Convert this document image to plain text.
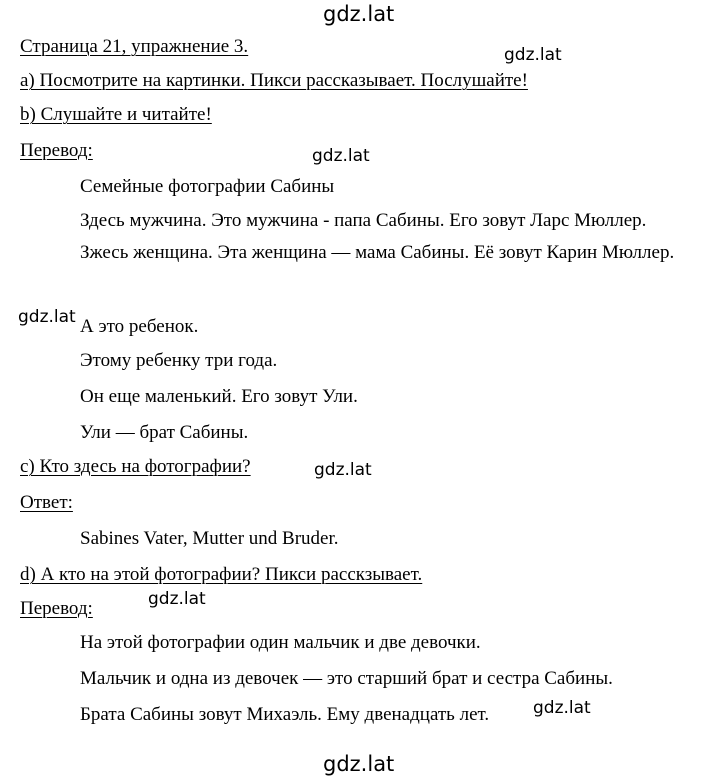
gdz.lat
gdz.lat
gdz.lat
gdz.lat
gdz.lat
gdz.lat
gdz.lat
gdz.lat
Страница 21, упражнение 3.
a) Посмотрите на картинки. Пикси рассказывает. Послушайте!
b) Слушайте и читайте!
Перевод:
Семейные фотографии Сабины
Здесь мужчина. Это мужчина - папа Сабины. Его зовут Ларс Мюллер.
Зжесь женщина. Эта женщина — мама Сабины. Её зовут Карин Мюллер.
А это ребенок.
Этому ребенку три года.
Он еще маленький. Его зовут Ули.
Ули — брат Сабины.
c) Кто здесь на фотографии?
Ответ:
Sabines Vater, Mutter und Bruder.
d) А кто на этой фотографии? Пикси расскзывает.
Перевод:
На этой фотографии один мальчик и две девочки.
Мальчик и одна из девочек — это старший брат и сестра Сабины.
Брата Сабины зовут Михаэль. Ему двенадцать лет.
